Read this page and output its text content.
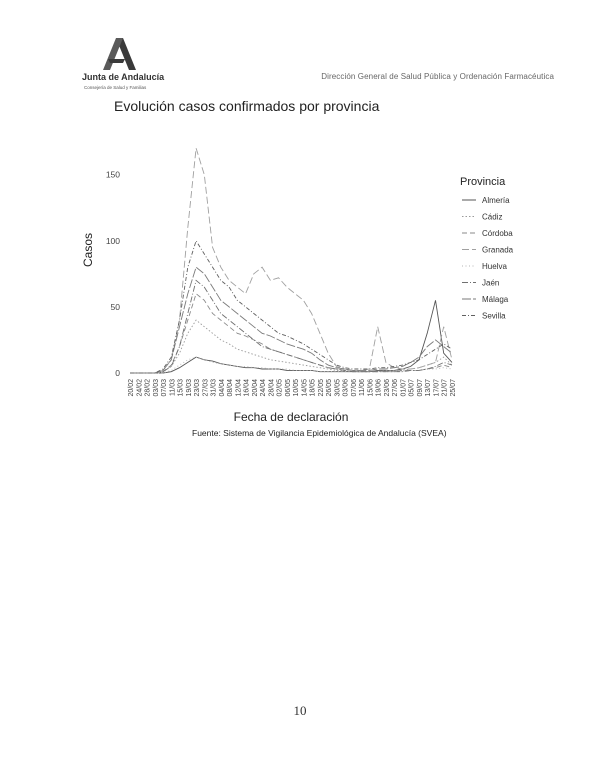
Junta de Andalucía
Consejería de Salud y Familias
Dirección General de Salud Pública y Ordenación Farmacéutica
Evolución casos confirmados por provincia
0
50
100
150
20/02 24/02 28/02 03/03 07/03 11/03 15/03 19/03 23/03 27/03 31/03 04/04 08/04 12/04 16/04 20/04 24/04 28/04 02/05 06/05 10/05 14/05 18/05 22/05 26/05 30/05 03/06 07/06 11/06 15/06 19/06 23/06 27/06 01/07 05/07 09/07 13/07 17/07 21/07 25/07
Provincia
Almería
Cádiz
Córdoba
Granada
Huelva
Jaén
Málaga
Sevilla
Casos
Fecha de declaración
Fuente: Sistema de Vigilancia Epidemiológica de Andalucía (SVEA)
10
